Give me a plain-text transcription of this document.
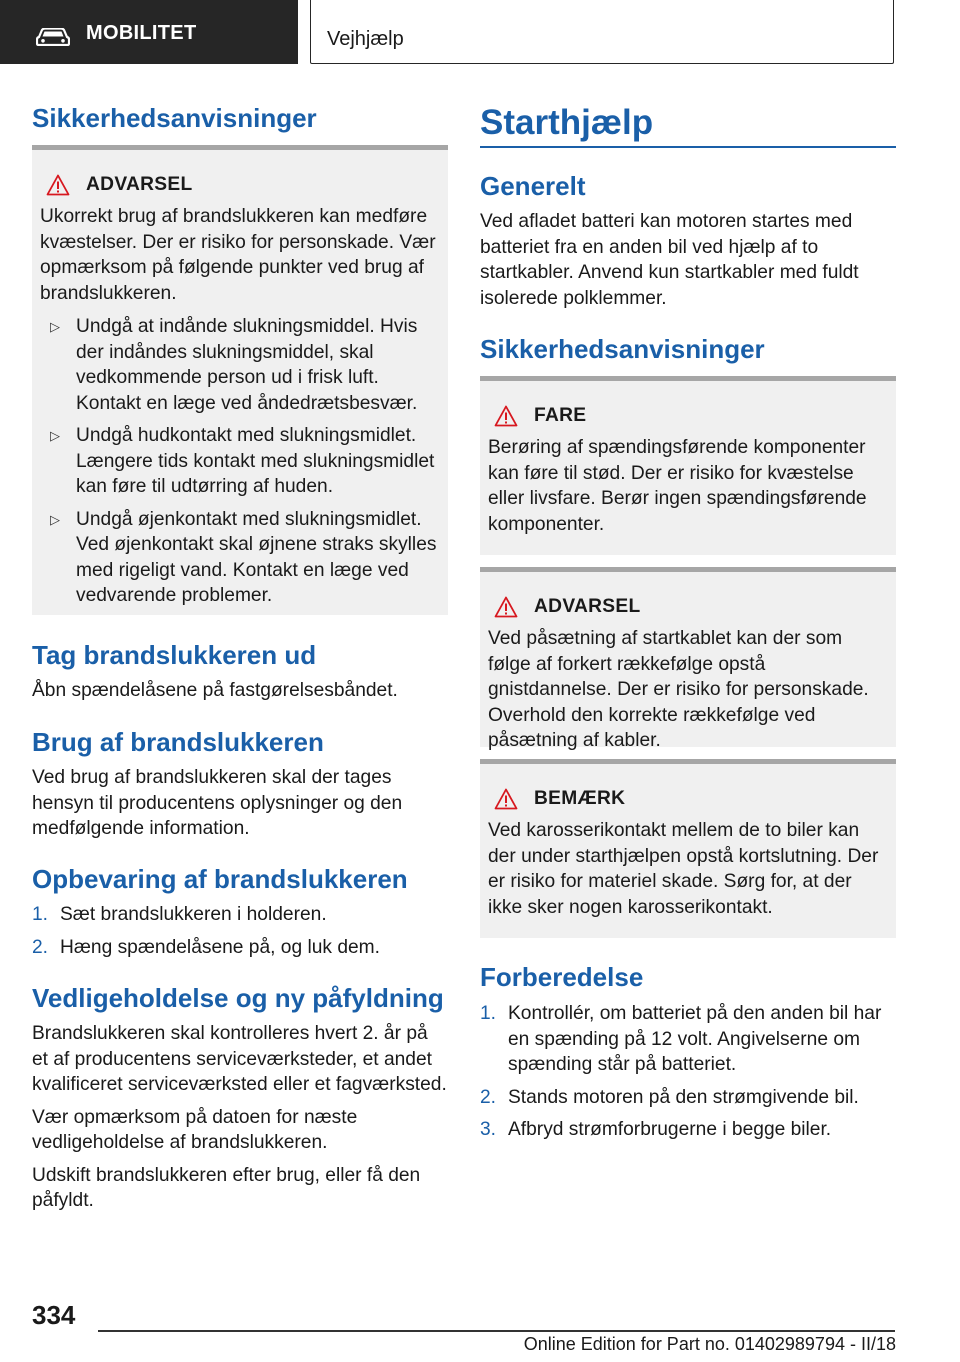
MOBILITET	Vejhjælp
Sikkerhedsanvisninger
ADVARSEL

Ukorrekt brug af brandslukkeren kan medføre kvæstelser. Der er risiko for personskade. Vær opmærksom på følgende punkter ved brug af brandslukkeren.

▷ Undgå at indånde slukningsmiddel. Hvis der indåndes slukningsmiddel, skal vedkommende person ud i frisk luft. Kontakt en læge ved åndedrætsbesvær.
▷ Undgå hudkontakt med slukningsmidlet. Længere tids kontakt med slukningsmidlet kan føre til udtørring af huden.
▷ Undgå øjenkontakt med slukningsmidlet. Ved øjenkontakt skal øjnene straks skylles med rigeligt vand. Kontakt en læge ved vedvarende problemer.
Tag brandslukkeren ud

Åbn spændelåsene på fastgørelsesbåndet.

Brug af brandslukkeren

Ved brug af brandslukkeren skal der tages hensyn til producentens oplysninger og den medfølgende information.

Opbevaring af brandslukkeren
1. Sæt brandslukkeren i holderen.
2. Hæng spændelåsene på, og luk dem.
Vedligeholdelse og ny påfyldning

Brandslukkeren skal kontrolleres hvert 2. år på et af producentens serviceværksteder, et andet kvalificeret serviceværksted eller et fagværksted.

Vær opmærksom på datoen for næste vedligeholdelse af brandslukkeren.

Udskift brandslukkeren efter brug, eller få den påfyldt.

Starthjælp
Generelt

Ved afladet batteri kan motoren startes med batteriet fra en anden bil ved hjælp af to startkabler. Anvend kun startkabler med fuldt isolerede polklemmer.

Sikkerhedsanvisninger
FARE

Berøring af spændingsførende komponenter kan føre til stød. Der er risiko for kvæstelse eller livsfare. Berør ingen spændingsførende komponenter.

ADVARSEL

Ved påsætning af startkablet kan der som følge af forkert rækkefølge opstå gnistdannelse. Der er risiko for personskade. Overhold den korrekte rækkefølge ved påsætning af kabler.

BEMÆRK

Ved karosserikontakt mellem de to biler kan der under starthjælpen opstå kortslutning. Der er risiko for materiel skade. Sørg for, at der ikke sker nogen karosserikontakt.

Forberedelse
1. Kontrollér, om batteriet på den anden bil har en spænding på 12 volt. Angivelserne om spænding står på batteriet.
2. Stands motoren på den strømgivende bil.
3. Afbryd strømforbrugerne i begge biler.
334
Online Edition for Part no. 01402989794 - II/18
